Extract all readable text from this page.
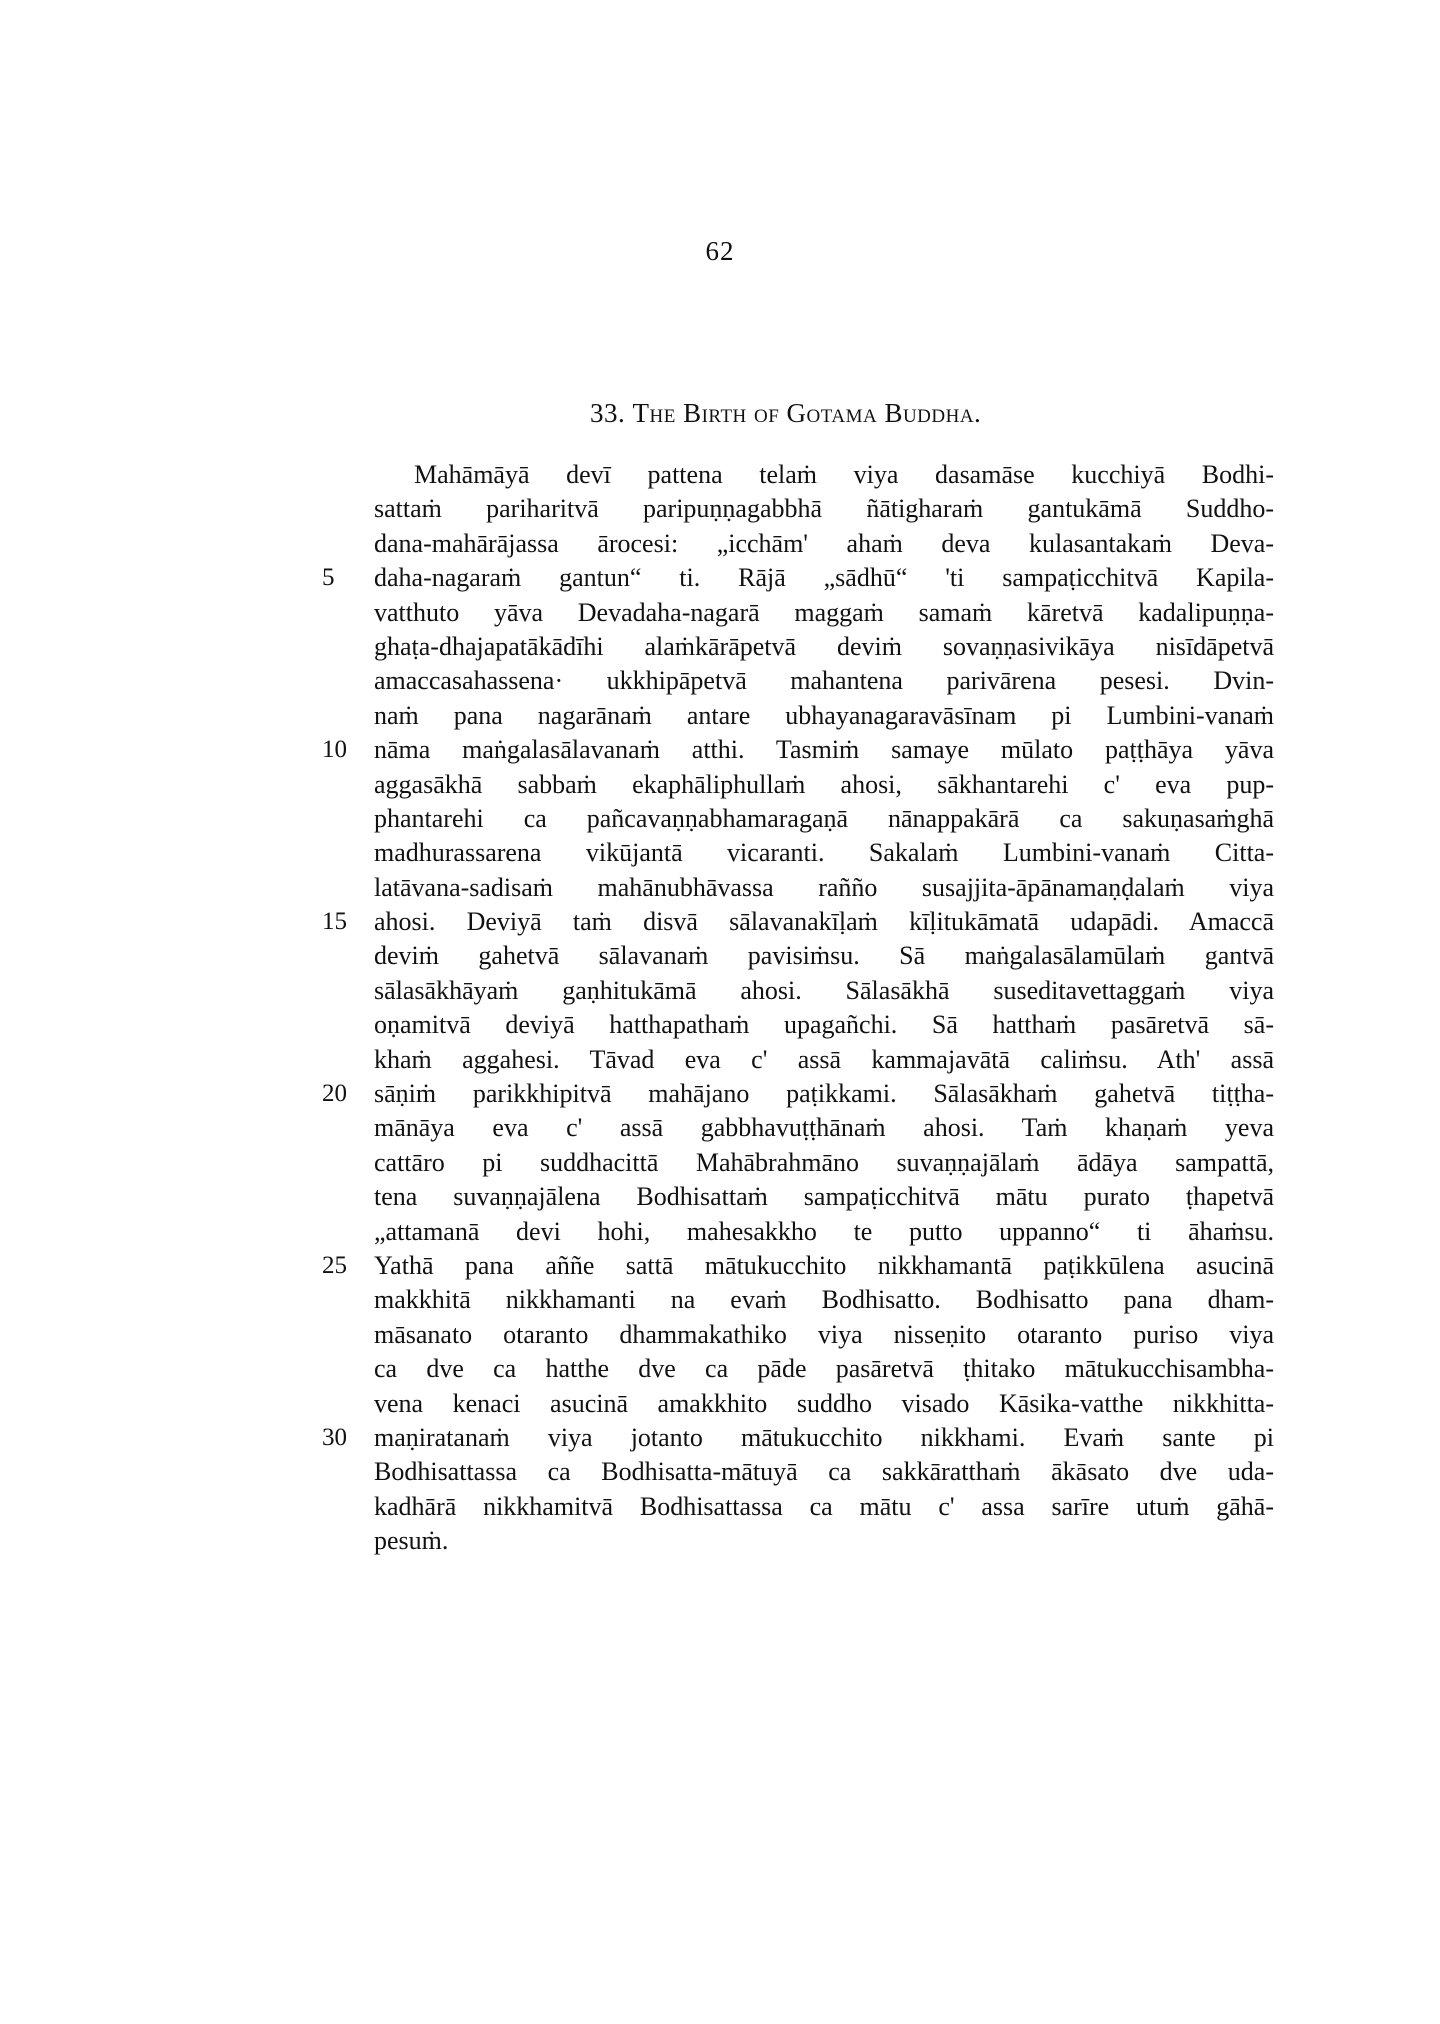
62
33. The Birth of Gotama Buddha.
Mahāmāyā devī pattena telaṁ viya dasamāse kucchiyā Bodhi-
sattaṁ pariharitvā paripuṇṇagabbhā ñātigharaṁ gantukāmā Suddho-
dana-mahārājassa ārocesi: „icchām' ahaṁ deva kulasantakaṁ Deva-
5	daha-nagaraṁ gantun“ ti. Rājā „sādhū“ 'ti sampaṭicchitvā Kapila-
vatthuto yāva Devadaha-nagarā maggaṁ samaṁ kāretvā kadalipuṇṇa-
ghaṭa-dhajapatākādīhi alaṁkārāpetvā deviṁ sovaṇṇasivikāya nisīdāpetvā
amaccasahassena· ukkhipāpetvā mahantena parivārena pesesi. Dvin-
naṁ pana nagarānaṁ antare ubhayanagaravāsīnam pi Lumbini-vanaṁ
10	nāma maṅgalasālavanaṁ atthi. Tasmiṁ samaye mūlato paṭṭhāya yāva
aggasākhā sabbaṁ ekaphāliphullaṁ ahosi, sākhantarehi c' eva pup-
phantarehi ca pañcavaṇṇabhamaragaṇā nānappakārā ca sakuṇasaṁghā
madhurassarena vikūjantā vicaranti. Sakalaṁ Lumbini-vanaṁ Citta-
latāvana-sadisaṁ mahānubhāvassa rañño susajjita-āpānamaṇḍalaṁ viya
15	ahosi. Deviyā taṁ disvā sālavanakīḷaṁ kīḷitukāmatā udapādi. Amaccā
deviṁ gahetvā sālavanaṁ pavisiṁsu. Sā maṅgalasālamūlaṁ gantvā
sālasākhāyaṁ gaṇhitukāmā ahosi. Sālasākhā suseditavettaggaṁ viya
oṇamitvā deviyā hatthapathaṁ upagañchi. Sā hatthaṁ pasāretvā sā-
khaṁ aggahesi. Tāvad eva c' assā kammajavātā caliṁsu. Ath' assā
20	sāṇiṁ parikkhipitvā mahājano paṭikkami. Sālasākhaṁ gahetvā tiṭṭha-
mānāya eva c' assā gabbhavuṭṭhānaṁ ahosi. Taṁ khaṇaṁ yeva
cattāro pi suddhacittā Mahābrahmāno suvaṇṇajālaṁ ādāya sampattā,
tena suvaṇṇajālena Bodhisattaṁ sampaṭicchitvā mātu purato ṭhapetvā
„attamanā devi hohi, mahesakkho te putto uppanno“ ti āhaṁsu.
25	Yathā pana aññe sattā mātukucchito nikkhamantā paṭikkūlena asucinā
makkhitā nikkhamanti na evaṁ Bodhisatto. Bodhisatto pana dham-
māsanato otaranto dhammakathiko viya nisseṇito otaranto puriso viya
ca dve ca hatthe dve ca pāde pasāretvā ṭhitako mātukucchisambha-
vena kenaci asucinā amakkhito suddho visado Kāsika-vatthe nikkhitta-
30	maṇiratanaṁ viya jotanto mātukucchito nikkhami. Evaṁ sante pi
Bodhisattassa ca Bodhisatta-mātuyā ca sakkāratthaṁ ākāsato dve uda-
kadhārā nikkhamitvā Bodhisattassa ca mātu c' assa sarīre utuṁ gāhā-
pesuṁ.
